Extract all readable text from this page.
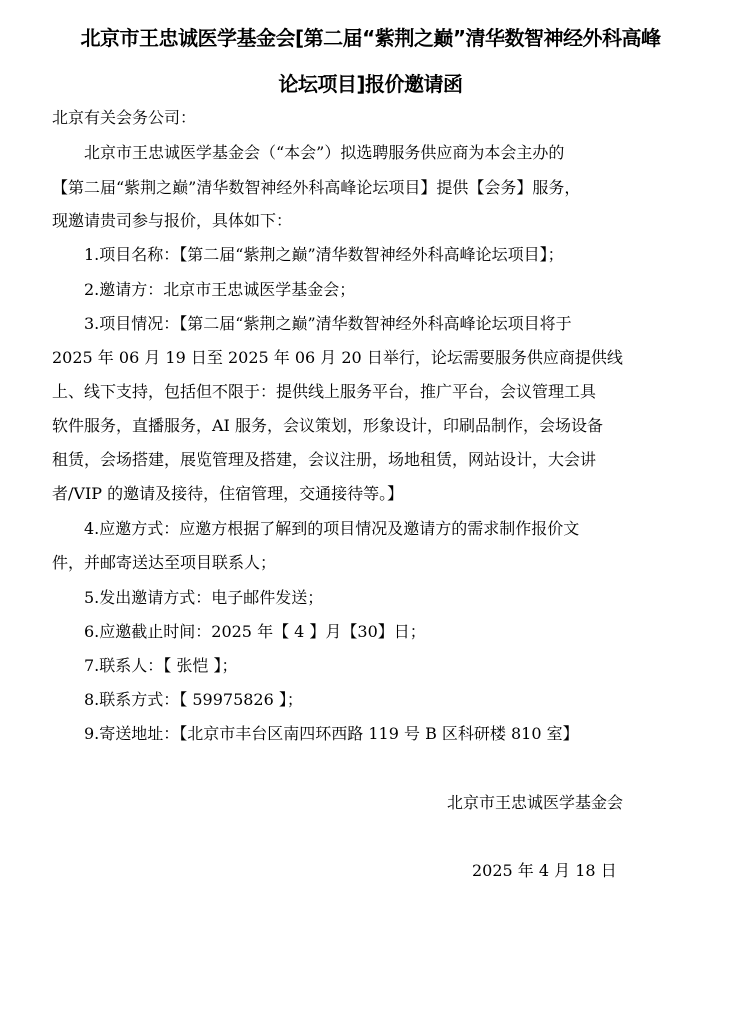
北京市王忠诚医学基金会[第二届“紫荆之巅”清华数智神经外科高峰
论坛项目]报价邀请函
北京有关会务公司：
北京市王忠诚医学基金会（“本会”）拟选聘服务供应商为本会主办的
【第二届“紫荆之巅”清华数智神经外科高峰论坛项目】提供【会务】服务，
现邀请贵司参与报价，具体如下：
1.项目名称：【第二届“紫荆之巅”清华数智神经外科高峰论坛项目】；
2.邀请方：北京市王忠诚医学基金会；
3.项目情况：【第二届“紫荆之巅”清华数智神经外科高峰论坛项目将于
2025 年 06 月 19 日至 2025 年 06 月 20 日举行，论坛需要服务供应商提供线
上、线下支持，包括但不限于：提供线上服务平台，推广平台，会议管理工具
软件服务，直播服务，AI 服务，会议策划，形象设计，印刷品制作，会场设备
租赁，会场搭建，展览管理及搭建，会议注册，场地租赁，网站设计，大会讲
者/VIP 的邀请及接待，住宿管理，交通接待等。】
4.应邀方式：应邀方根据了解到的项目情况及邀请方的需求制作报价文
件，并邮寄送达至项目联系人；
5.发出邀请方式：电子邮件发送；
6.应邀截止时间：2025 年【 4 】月【30】日；
7.联系人：【 张恺 】；
8.联系方式：【 59975826 】；
9.寄送地址：【北京市丰台区南四环西路 119 号 B 区科研楼 810 室】
北京市王忠诚医学基金会
2025 年 4 月 18 日
